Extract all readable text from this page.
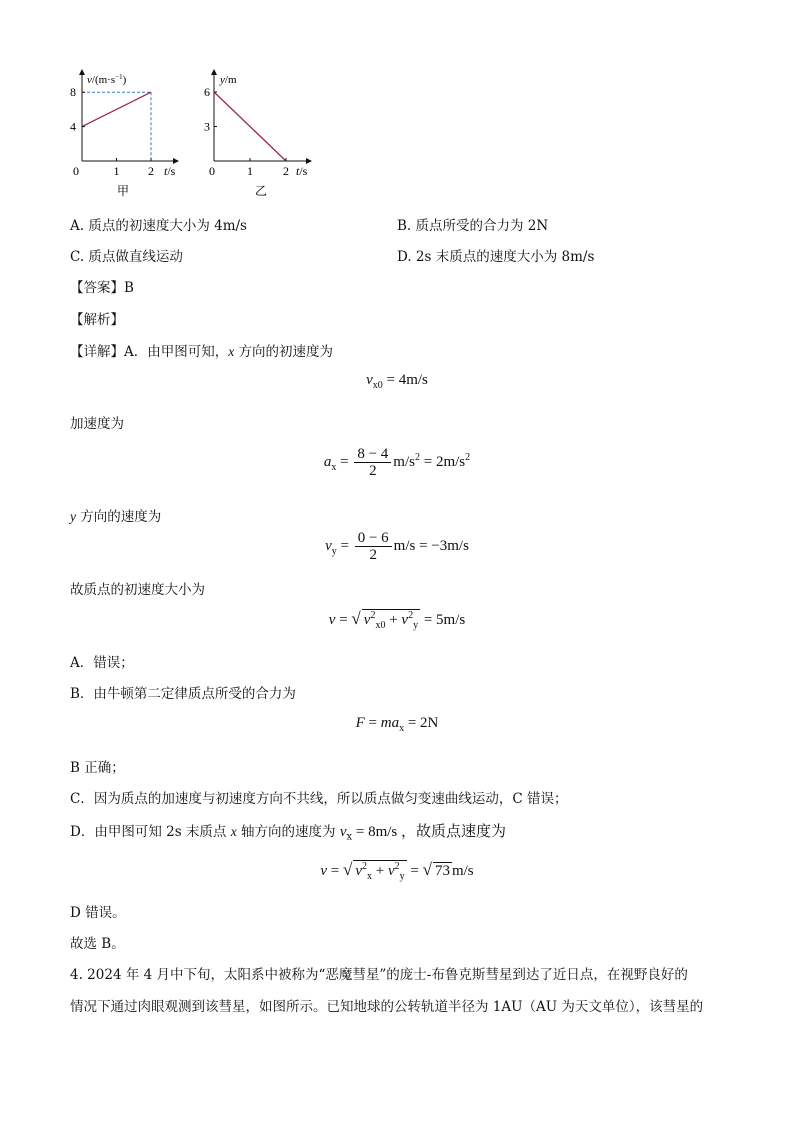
$v/(m\cdot s^{-1})$
8
4
0	1 2 t/s
甲
y/m
6
3
0	1	2 t/s
乙
A. 质点的初速度大小为 4m/s	B. 质点所受的合力为 2N
C. 质点做直线运动	D. 2s 末质点的速度大小为 8m/s
【答案】B
【解析】
【详解】A．由甲图可知，x 方向的初速度为
$v_{x0} = 4m/s$
加速度为
$a_x = \frac{8 - 4}{2} m/s^2 = 2m/s^2$
y 方向的速度为
$v_y = \frac{0 - 6}{2} m/s = -3m/s$
故质点的初速度大小为
v = √ $v^2_{x0} + v^2_y = 5m/s$
A．错误；
B．由牛顿第二定律质点所受的合力为
$F = ma_x = 2N$
B 正确；
C．因为质点的加速度与初速度方向不共线，所以质点做匀变速曲线运动，C 错误；
D．由甲图可知 2s 末质点 x 轴方向的速度为 $v_x = 8m/s$ ，故质点速度为
v = √ $v^2_x + v^2_y$ = √ 73 m/s
D 错误。
故选 B。
4. 2024 年 4 月中下旬，太阳系中被称为“恶魔彗星”的庞士-布鲁克斯彗星到达了近日点，在视野良好的
情况下通过肉眼观测到该彗星，如图所示。已知地球的公转轨道半径为 1AU（AU 为天文单位），该彗星的
